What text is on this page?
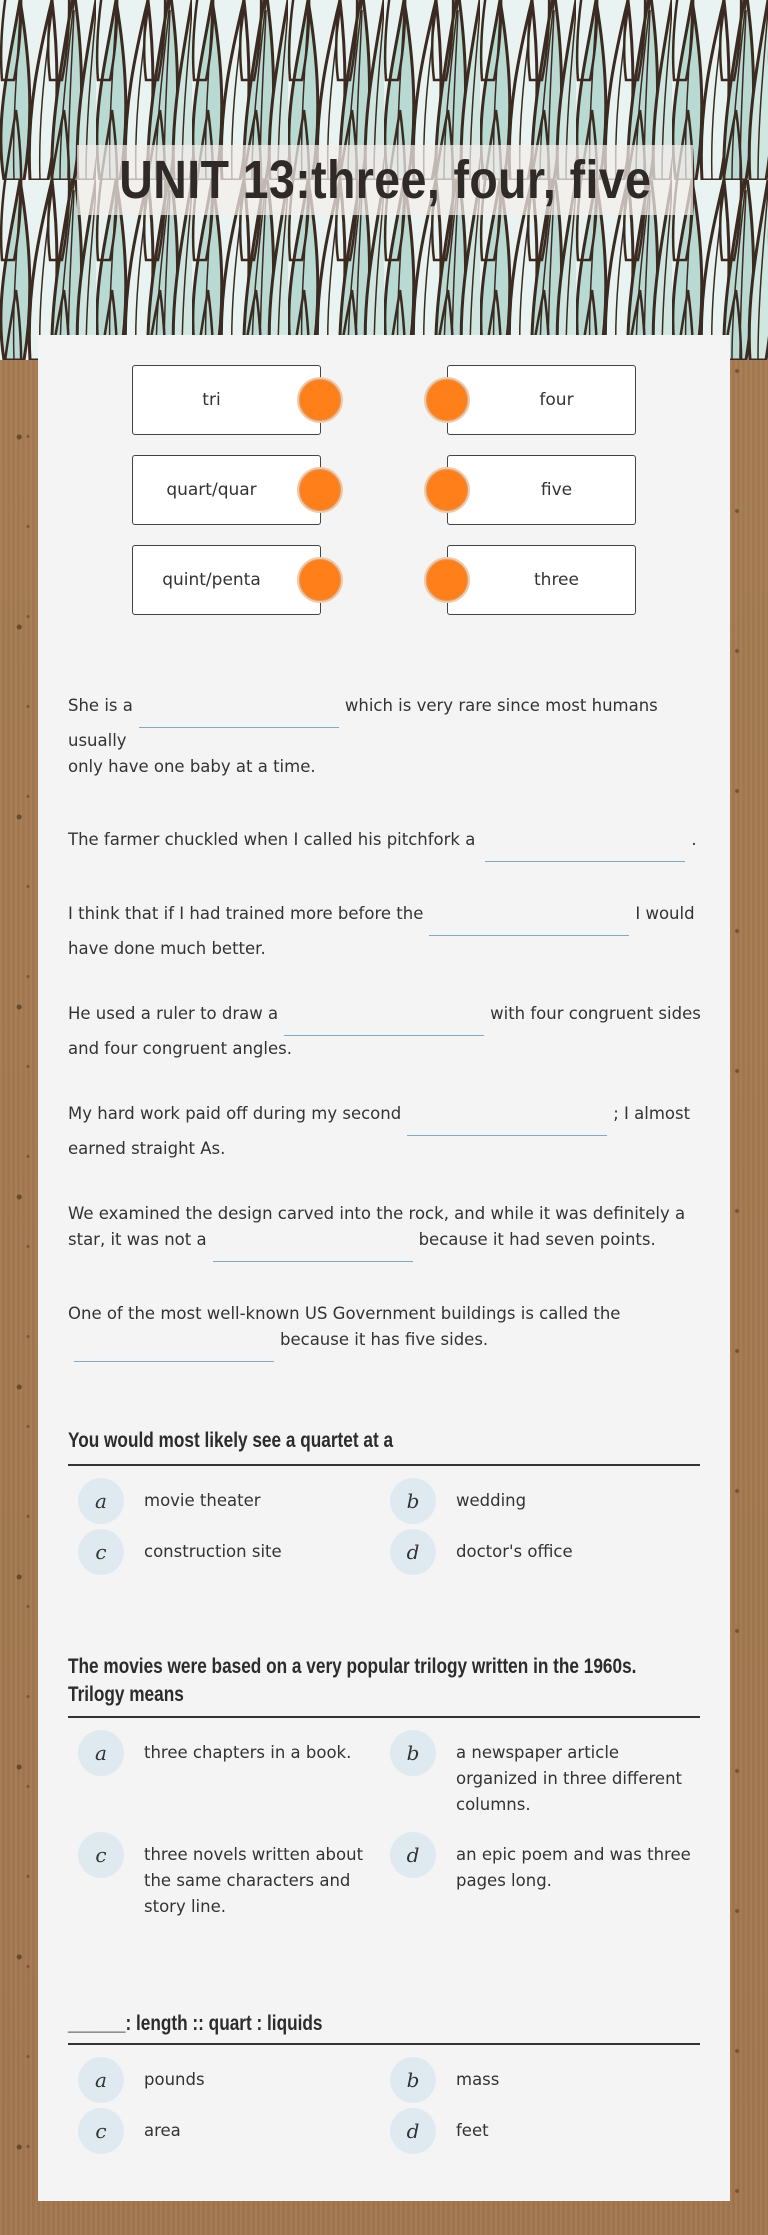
UNIT 13:three, four, five
tri	four
quart/quar	five
quint/penta	three
She is a	which is very rare since most humans usually
only have one baby at a time.
The farmer chuckled when I called his pitchfork a	.
I think that if I had trained more before the	I would have done much better.
He used a ruler to draw a	with four congruent sides and four congruent angles.
My hard work paid off during my second	; I almost earned straight As.
We examined the design carved into the rock, and while it was definitely a star, it was not a	because it had seven points.
One of the most well-known US Government buildings is called the
because it has five sides.
You would most likely see a quartet at a
a	movie theater	b	wedding
c	construction site	d	doctor's office
The movies were based on a very popular trilogy written in the 1960s.
Trilogy means
a	three chapters in a book.	b	a newspaper article organized in three different columns.
c	three novels written about the same characters and story line.
d	an epic poem and was three pages long.
______: length :: quart : liquids
a	pounds	b	mass
c	area	d	feet
